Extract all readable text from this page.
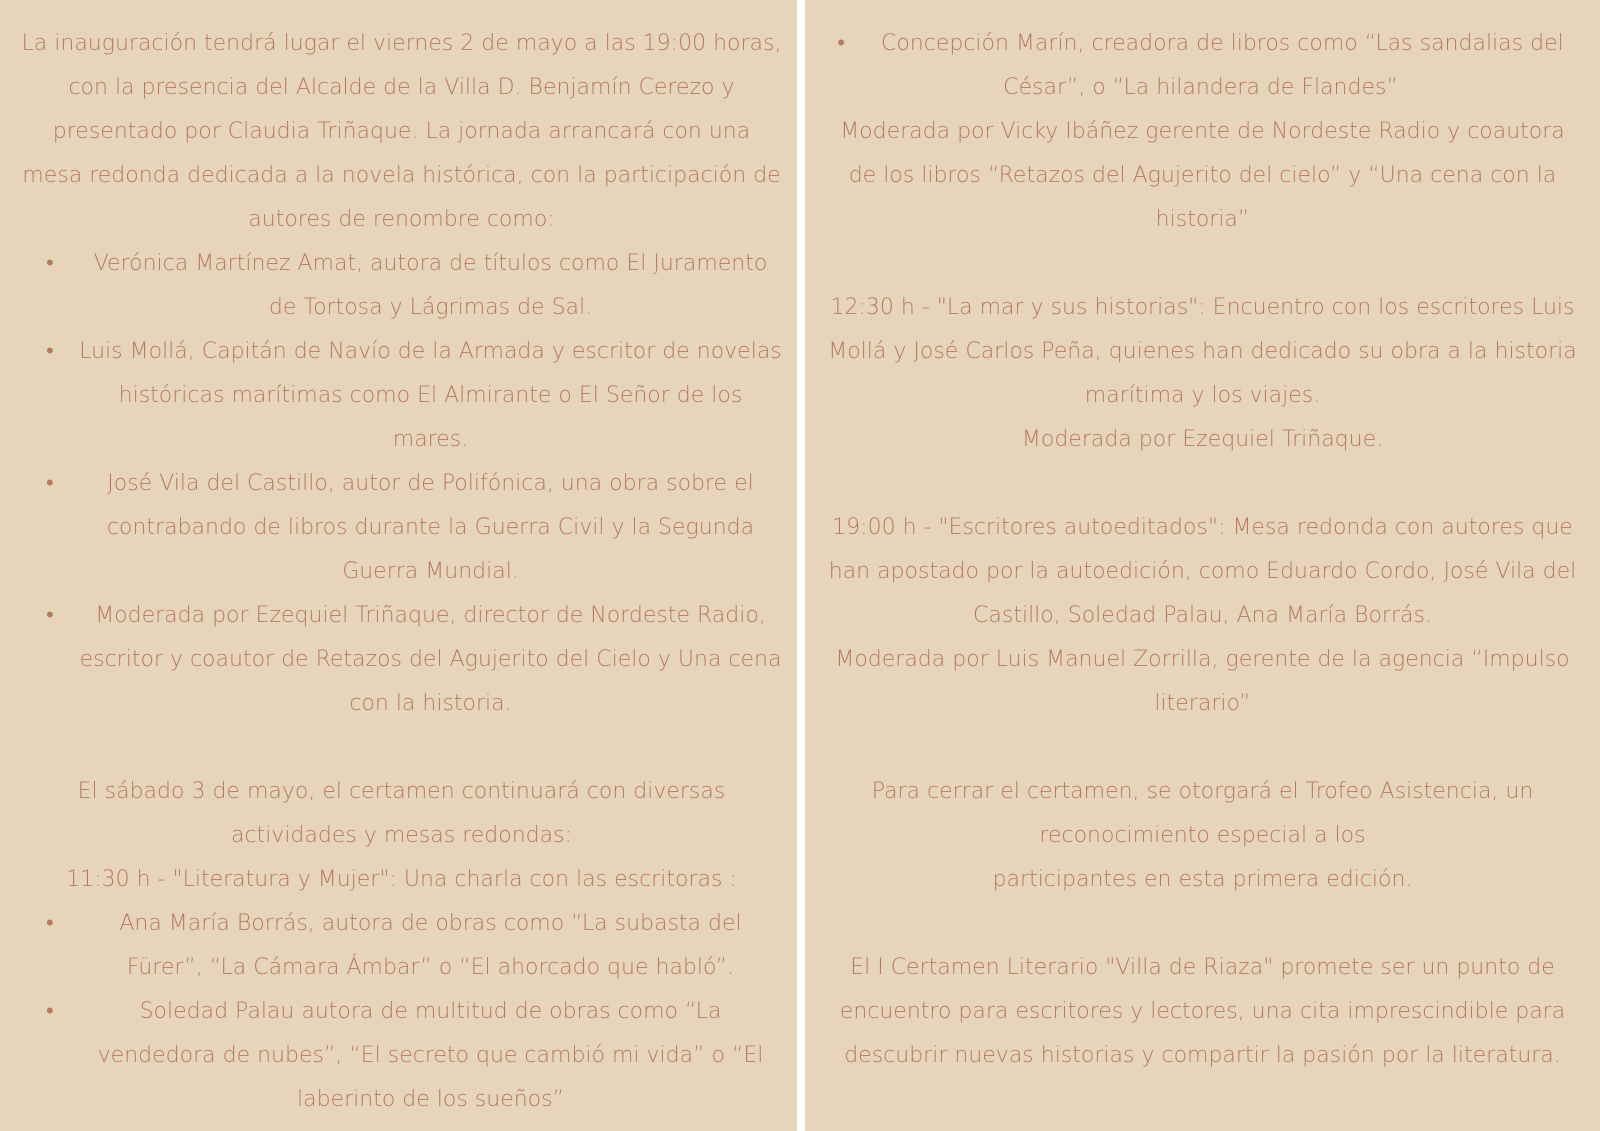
La inauguración tendrá lugar el viernes 2 de mayo a las 19:00 horas, con la presencia del Alcalde de la Villa D. Benjamín Cerezo y presentado por Claudia Triñaque. La jornada arrancará con una mesa redonda dedicada a la novela histórica, con la participación de autores de renombre como:

• Verónica Martínez Amat, autora de títulos como El Juramento de Tortosa y Lágrimas de Sal.
• Luis Mollá, Capitán de Navío de la Armada y escritor de novelas históricas marítimas como El Almirante o El Señor de los mares.
• José Vila del Castillo, autor de Polifónica, una obra sobre el contrabando de libros durante la Guerra Civil y la Segunda Guerra Mundial.
• Moderada por Ezequiel Triñaque, director de Nordeste Radio, escritor y coautor de Retazos del Agujerito del Cielo y Una cena con la historia.

El sábado 3 de mayo, el certamen continuará con diversas actividades y mesas redondas:

11:30 h - "Literatura y Mujer": Una charla con las escritoras :

• Ana María Borrás, autora de obras como “La subasta del Fürer”, “La Cámara Ámbar” o “El ahorcado que habló”.
• Soledad Palau autora de multitud de obras como “La vendedora de nubes”, “El secreto que cambió mi vida” o “El laberinto de los sueños”
• Concepción Marín, creadora de libros como “Las sandalias del César”, o “La hilandera de Flandes”

Moderada por Vicky Ibáñez gerente de Nordeste Radio y coautora de los libros “Retazos del Agujerito del cielo” y “Una cena con la historia”

12:30 h - "La mar y sus historias": Encuentro con los escritores Luis Mollá y José Carlos Peña, quienes han dedicado su obra a la historia marítima y los viajes.

Moderada por Ezequiel Triñaque.

19:00 h - "Escritores autoeditados": Mesa redonda con autores que han apostado por la autoedición, como Eduardo Cordo, José Vila del Castillo, Soledad Palau, Ana María Borrás.

Moderada por Luis Manuel Zorrilla, gerente de la agencia “Impulso literario”

Para cerrar el certamen, se otorgará el Trofeo Asistencia, un reconocimiento especial a los

participantes en esta primera edición.

El I Certamen Literario "Villa de Riaza" promete ser un punto de encuentro para escritores y lectores, una cita imprescindible para descubrir nuevas historias y compartir la pasión por la literatura.
